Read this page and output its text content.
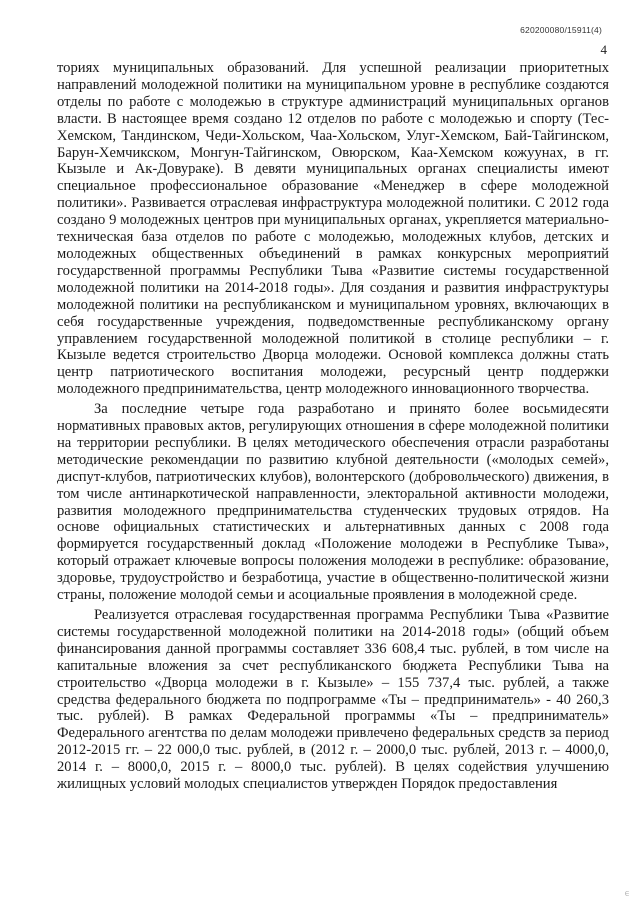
620200080/15911(4)
4

ториях муниципальных образований. Для успешной реализации приоритетных направлений молодежной политики на муниципальном уровне в республике создаются отделы по работе с молодежью в структуре администраций муниципальных органов власти. В настоящее время создано 12 отделов по работе с молодежью и спорту (Тес-Хемском, Тандинском, Чеди-Хольском, Чаа-Хольском, Улуг-Хемском, Бай-Тайгинском, Барун-Хемчикском, Монгун-Тайгинском, Овюрском, Каа-Хемском кожуунах, в гг. Кызыле и Ак-Довураке). В девяти муниципальных органах специалисты имеют специальное профессиональное образование «Менеджер в сфере молодежной политики». Развивается отраслевая инфраструктура молодежной политики. С 2012 года создано 9 молодежных центров при муниципальных органах, укрепляется материально-техническая база отделов по работе с молодежью, молодежных клубов, детских и молодежных общественных объединений в рамках конкурсных мероприятий государственной программы Республики Тыва «Развитие системы государственной молодежной политики на 2014-2018 годы». Для создания и развития инфраструктуры молодежной политики на республиканском и муниципальном уровнях, включающих в себя государственные учреждения, подведомственные республиканскому органу управлением государственной молодежной политикой в столице республики – г. Кызыле ведется строительство Дворца молодежи. Основой комплекса должны стать центр патриотического воспитания молодежи, ресурсный центр поддержки молодежного предпринимательства, центр молодежного инновационного творчества.

За последние четыре года разработано и принято более восьмидесяти нормативных правовых актов, регулирующих отношения в сфере молодежной политики на территории республики. В целях методического обеспечения отрасли разработаны методические рекомендации по развитию клубной деятельности («молодых семей», диспут-клубов, патриотических клубов), волонтерского (добровольческого) движения, в том числе антинаркотической направленности, электоральной активности молодежи, развития молодежного предпринимательства студенческих трудовых отрядов. На основе официальных статистических и альтернативных данных с 2008 года формируется государственный доклад «Положение молодежи в Республике Тыва», который отражает ключевые вопросы положения молодежи в республике: образование, здоровье, трудоустройство и безработица, участие в общественно-политической жизни страны, положение молодой семьи и асоциальные проявления в молодежной среде.

Реализуется отраслевая государственная программа Республики Тыва «Развитие системы государственной молодежной политики на 2014-2018 годы» (общий объем финансирования данной программы составляет 336 608,4 тыс. рублей, в том числе на капитальные вложения за счет республиканского бюджета Республики Тыва на строительство «Дворца молодежи в г. Кызыле» – 155 737,4 тыс. рублей, а также средства федерального бюджета по подпрограмме «Ты – предприниматель» - 40 260,3 тыс. рублей). В рамках Федеральной программы «Ты – предприниматель» Федерального агентства по делам молодежи привлечено федеральных средств за период 2012-2015 гг. – 22 000,0 тыс. рублей, в (2012 г. – 2000,0 тыс. рублей, 2013 г. – 4000,0, 2014 г. – 8000,0, 2015 г. – 8000,0 тыс. рублей). В целях содействия улучшению жилищных условий молодых специалистов утвержден Порядок предоставления

ϵ
